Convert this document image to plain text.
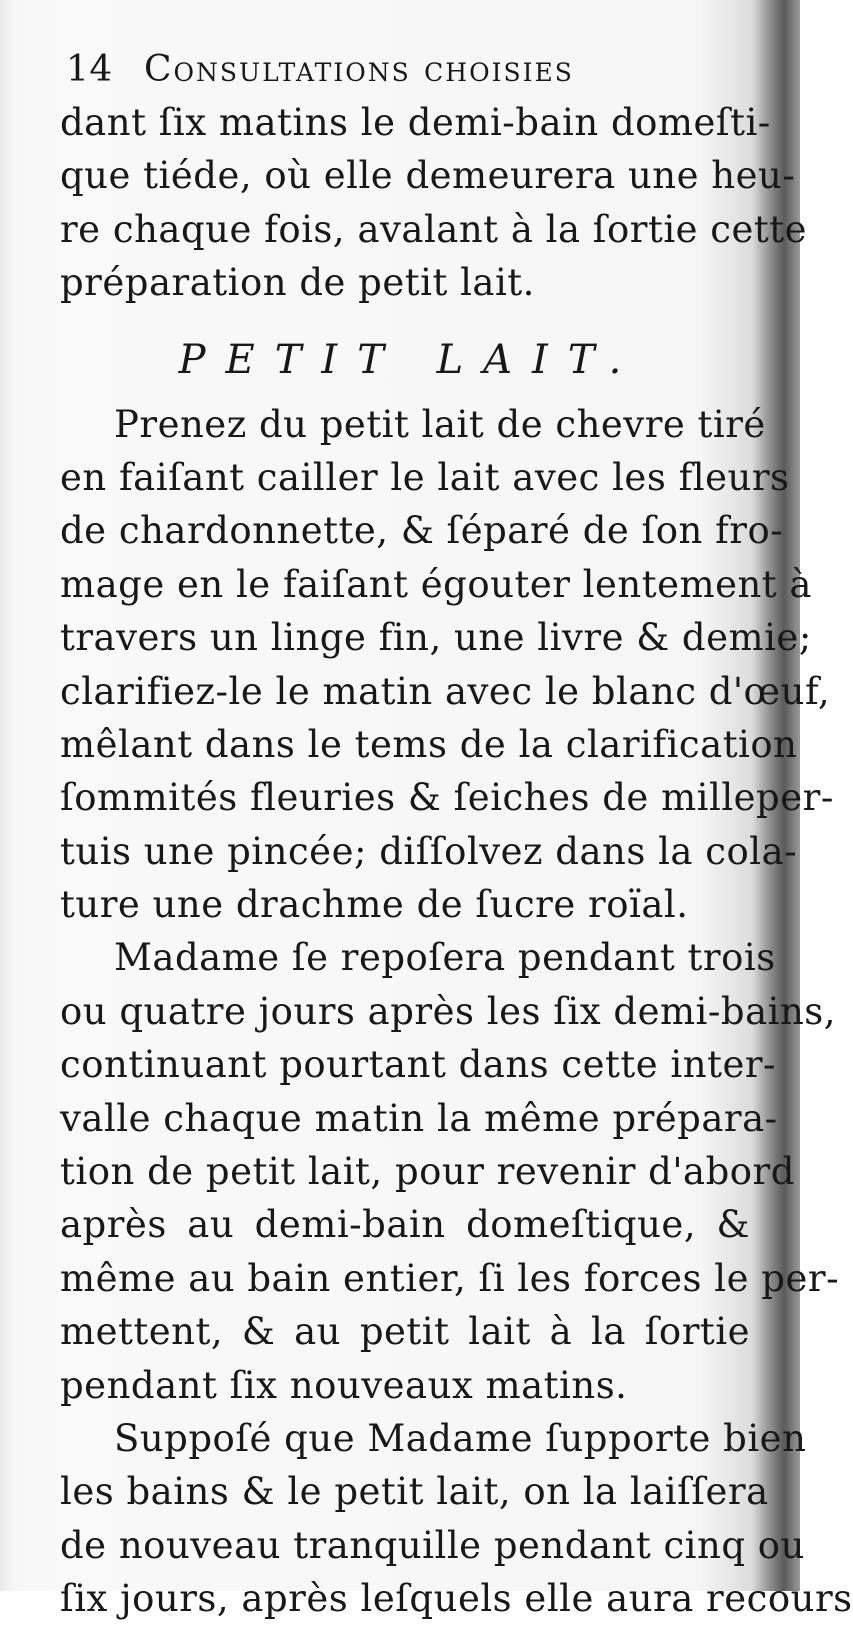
14 Consultations choisies
dant ſix matins le demi-bain domeſti-
que tiéde, où elle demeurera une heu-
re chaque fois, avalant à la ſortie cette
préparation de petit lait.
PETIT LAIT.
Prenez du petit lait de chevre tiré
en faiſant cailler le lait avec les fleurs
de chardonnette, & ſéparé de ſon fro-
mage en le faiſant égouter lentement à
travers un linge fin, une livre & demie;
clarifiez-le le matin avec le blanc d'œuf,
mêlant dans le tems de la clarification
ſommités fleuries & ſeiches de milleper-
tuis une pincée; diſſolvez dans la cola-
ture une drachme de ſucre roïal.
Madame ſe repoſera pendant trois
ou quatre jours après les ſix demi-bains,
continuant pourtant dans cette inter-
valle chaque matin la même prépara-
tion de petit lait, pour revenir d'abord
après au demi-bain domeſtique, &
même au bain entier, ſi les forces le per-
mettent, & au petit lait à la ſortie
pendant ſix nouveaux matins.
Suppoſé que Madame ſupporte bien
les bains & le petit lait, on la laiſſera
de nouveau tranquille pendant cinq ou
ſix jours, après leſquels elle aura recours
